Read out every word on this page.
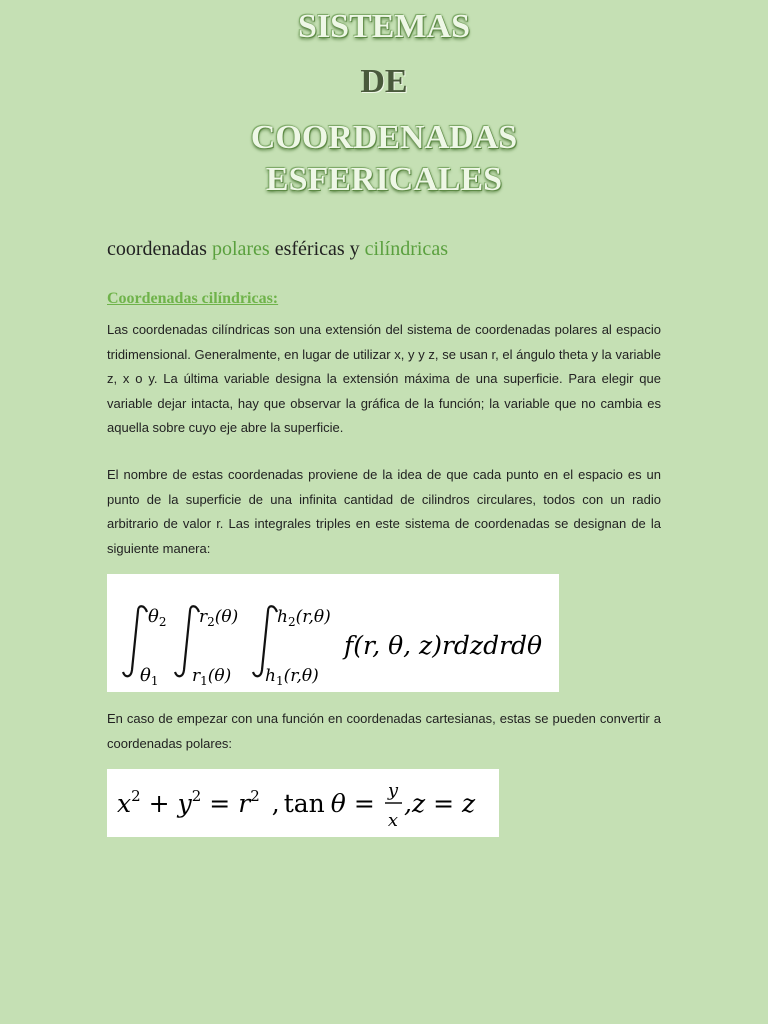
SISTEMAS
DE
COORDENADAS
ESFERICALES
coordenadas polares esféricas y cilíndricas
Coordenadas cilíndricas:

Las coordenadas cilíndricas son una extensión del sistema de coordenadas polares al espacio tridimensional. Generalmente, en lugar de utilizar x, y y z, se usan r, el ángulo theta y la variable z, x o y. La última variable designa la extensión máxima de una superficie. Para elegir que variable dejar intacta, hay que observar la gráfica de la función; la variable que no cambia es aquella sobre cuyo eje abre la superficie.

El nombre de estas coordenadas proviene de la idea de que cada punto en el espacio es un punto de la superficie de una infinita cantidad de cilindros circulares, todos con un radio arbitrario de valor r. Las integrales triples en este sistema de coordenadas se designan de la siguiente manera:

$\theta_2$
$\theta_1$
$r_2(\theta)$
$r_1(\theta)$
$h_2(r,\theta)$
$h_1(r,\theta)$
f(r, θ, z)rdzdrdθ

En caso de empezar con una función en coordenadas cartesianas, estas se pueden convertir a coordenadas polares:

$x^2 + y^2 = r^2$ , tan θ = y
x
,z = z
